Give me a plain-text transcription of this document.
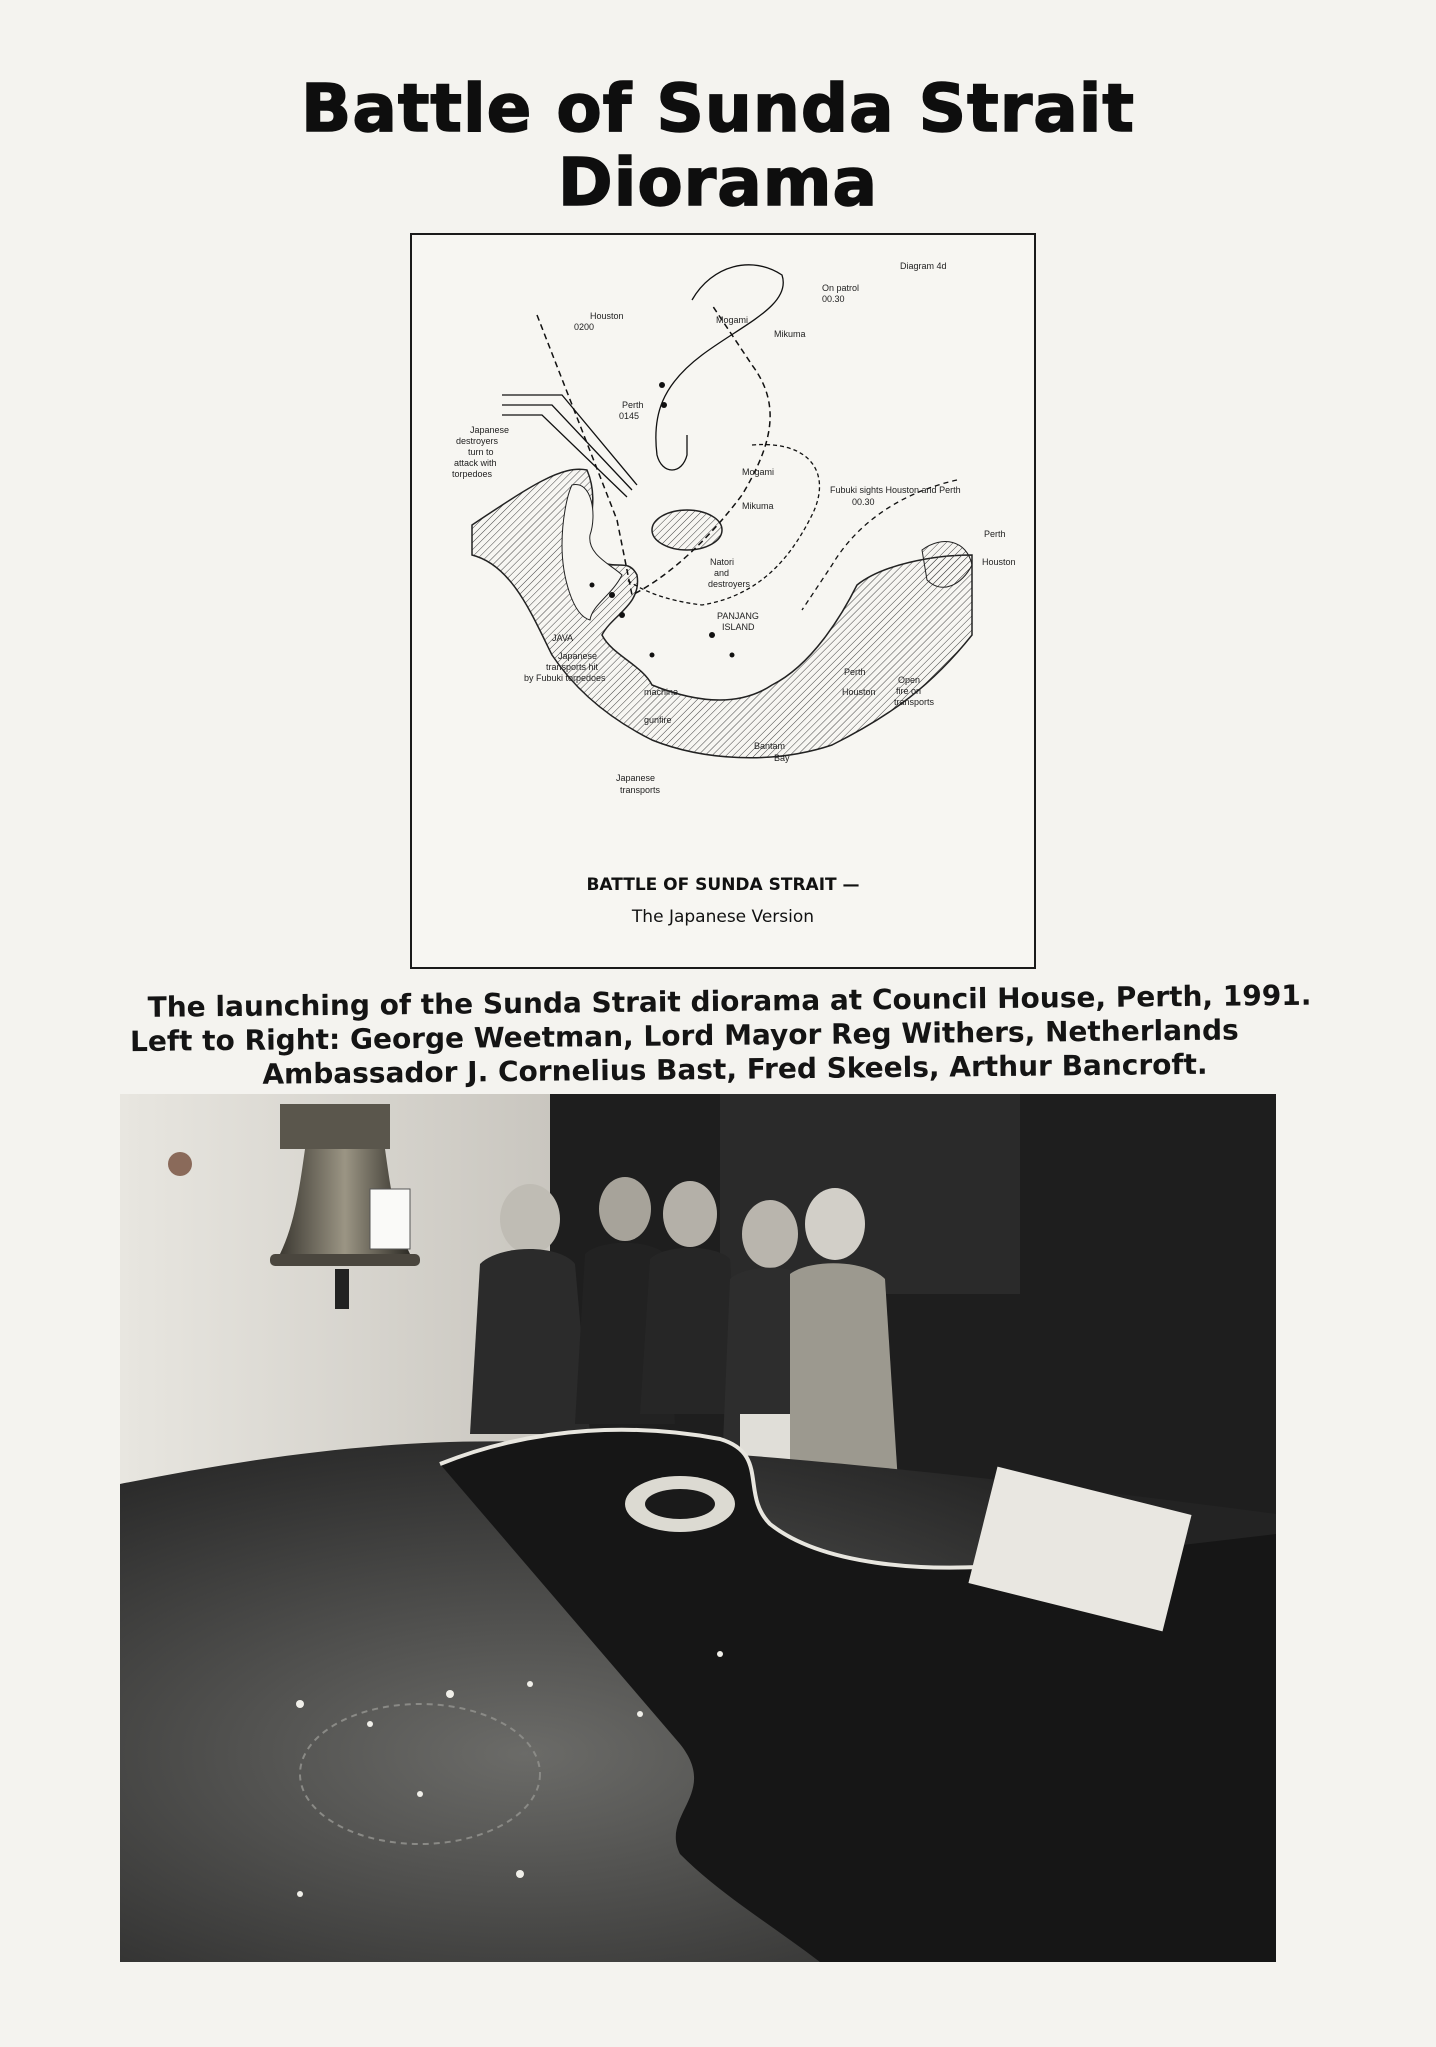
Battle of Sunda Strait
Diorama
Diagram 4d
Houston
0200
Perth
0145
Mogami
On patrol
00.30
Mikuma
Japanese
destroyers
turn to
attack with
torpedoes	Mogami
Mikuma
Fubuki sights Houston and Perth
00.30
Perth
Houston
Natori
and
destroyers
PANJANG
ISLAND
JAVA
Japanese
transports hit
by Fubuki torpedoes
machine
gunfire
Perth
Houston
Open
fire on
transports
Bantam
Bay
Japanese
transports
BATTLE OF SUNDA STRAIT —
The Japanese Version
The launching of the Sunda Strait diorama at Council House, Perth, 1991.
Left to Right: George Weetman, Lord Mayor Reg Withers, Netherlands
Ambassador J. Cornelius Bast, Fred Skeels, Arthur Bancroft.
